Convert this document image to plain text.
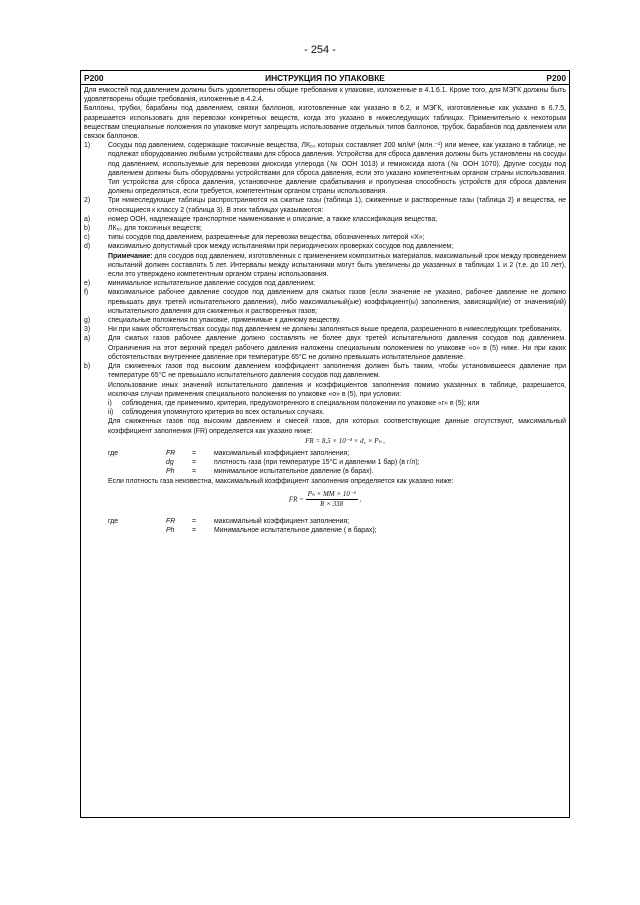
- 254 -
P200	ИНСТРУКЦИЯ ПО УПАКОВКЕ	P200

Для емкостей под давлением должны быть удовлетворены общие требования к упаковке, изложенные в 4.1.6.1. Кроме того, для МЭГК должны быть удовлетворены общие требования, изложенные в 4.2.4.

Баллоны, трубки, барабаны под давлением, связки баллонов, изготовленные как указано в 6.2, и МЭГК, изготовленные как указано в 6.7.5, разрешается использовать для перевозки конкретных веществ, когда это указано в нижеследующих таблицах. Применительно к некоторым веществам специальные положения по упаковке могут запрещать использование отдельных типов баллонов, трубок, барабанов под давлением или связок баллонов.

1)	Сосуды под давлением, содержащие токсичные вещества, ЛК₅₀ которых составляет 200 мл/м³ (млн.⁻¹) или менее, как указано в таблице, не подлежат оборудованию любыми устройствами для сброса давления. Устройства для сброса давления должны быть установлены на сосуды под давлением, используемые для перевозки диоксида углерода (№ ООН 1013) и гемиоксида азота (№ ООН 1070). Другие сосуды под давлением должны быть оборудованы устройствами для сброса давления, если это указано компетентным органом страны использования. Тип устройства для сброса давления, установочное давление срабатывания и пропускная способность устройств для сброса давления должны определяться, если требуется, компетентным органом страны использования.
2)	Три нижеследующие таблицы распространяются на сжатые газы (таблица 1), сжиженные и растворенные газы (таблица 2) и вещества, не относящиеся к классу 2 (таблица 3). В этих таблицах указываются:
a)	номер ООН, надлежащее транспортное наименование и описание, а также классификация вещества;
b)	ЛК₅₀ для токсичных веществ;
c)	типы сосудов под давлением, разрешенные для перевозки вещества, обозначенных литерой «X»;
d)	максимально допустимый срок между испытаниями при периодических проверках сосудов под давлением;

Примечание: для сосудов под давлением, изготовленных с применением композитных материалов, максимальный срок между проведением испытаний должен составлять 5 лет. Интервалы между испытаниями могут быть увеличены до указанных в таблицах 1 и 2 (т.е. до 10 лет), если это утверждено компетентным органом страны использования.

e)	минимальное испытательное давление сосудов под давлением;
f)	максимальное рабочее давление сосудов под давлением для сжатых газов (если значение не указано, рабочее давление не должно превышать двух третей испытательного давления), либо максимальный(ые) коэффициент(ы) заполнения, зависящий(ие) от значения(ий) испытательного давления для сжиженных и растворенных газов;
g)	специальные положения по упаковке, применимые к данному веществу.
3)	Ни при каких обстоятельствах сосуды под давлением не должны заполняться выше предела, разрешенного в нижеследующих требованиях.
a)	Для сжатых газов рабочее давление должно составлять не более двух третей испытательного давления сосудов под давлением. Ограничения на этот верхний предел рабочего давления наложены специальным положением по упаковке «o» в (5) ниже. Ни при каких обстоятельствах внутреннее давление при температуре 65°С не должно превышать испытательное давление.
b)	Для сжиженных газов под высоким давлением коэффициент заполнения должен быть таким, чтобы установившееся давление при температуре 65°С не превышало испытательного давления сосудов под давлением.

Использование иных значений испытательного давления и коэффициентов заполнения помимо указанных в таблице, разрешается, исключая случаи применения специального положения по упаковке «o» в (5), при условии:

i)	соблюдения, где применимо, критерия, предусмотренного в специальном положении по упаковке «r» в (5); или
ii)	соблюдения упомянутого критерия во всех остальных случаях.

Для сжиженных газов под высоким давлением и смесей газов, для которых соответствующие данные отсутствуют, максимальный коэффициент заполнения (FR) определяется как указано ниже:

FR = 8,5 × 10⁻⁴ × d꜀ × Pₕ ,
где	FR	=	максимальный коэффициент заполнения;
dg	=	плотность газа (при температуре 15°С и давлении 1 бар) (в г/л);
Ph	=	минимальное испытательное давление (в барах).

Если плотность газа неизвестна, максимальный коэффициент заполнения определяется как указано ниже:

FR = $\frac{\text{Pₕ × MM × 10⁻³}}{R \times 338}$ ,
где	FR	=	максимальный коэффициент заполнения;
Ph	=	Минимальное испытательное давление ( в барах);
